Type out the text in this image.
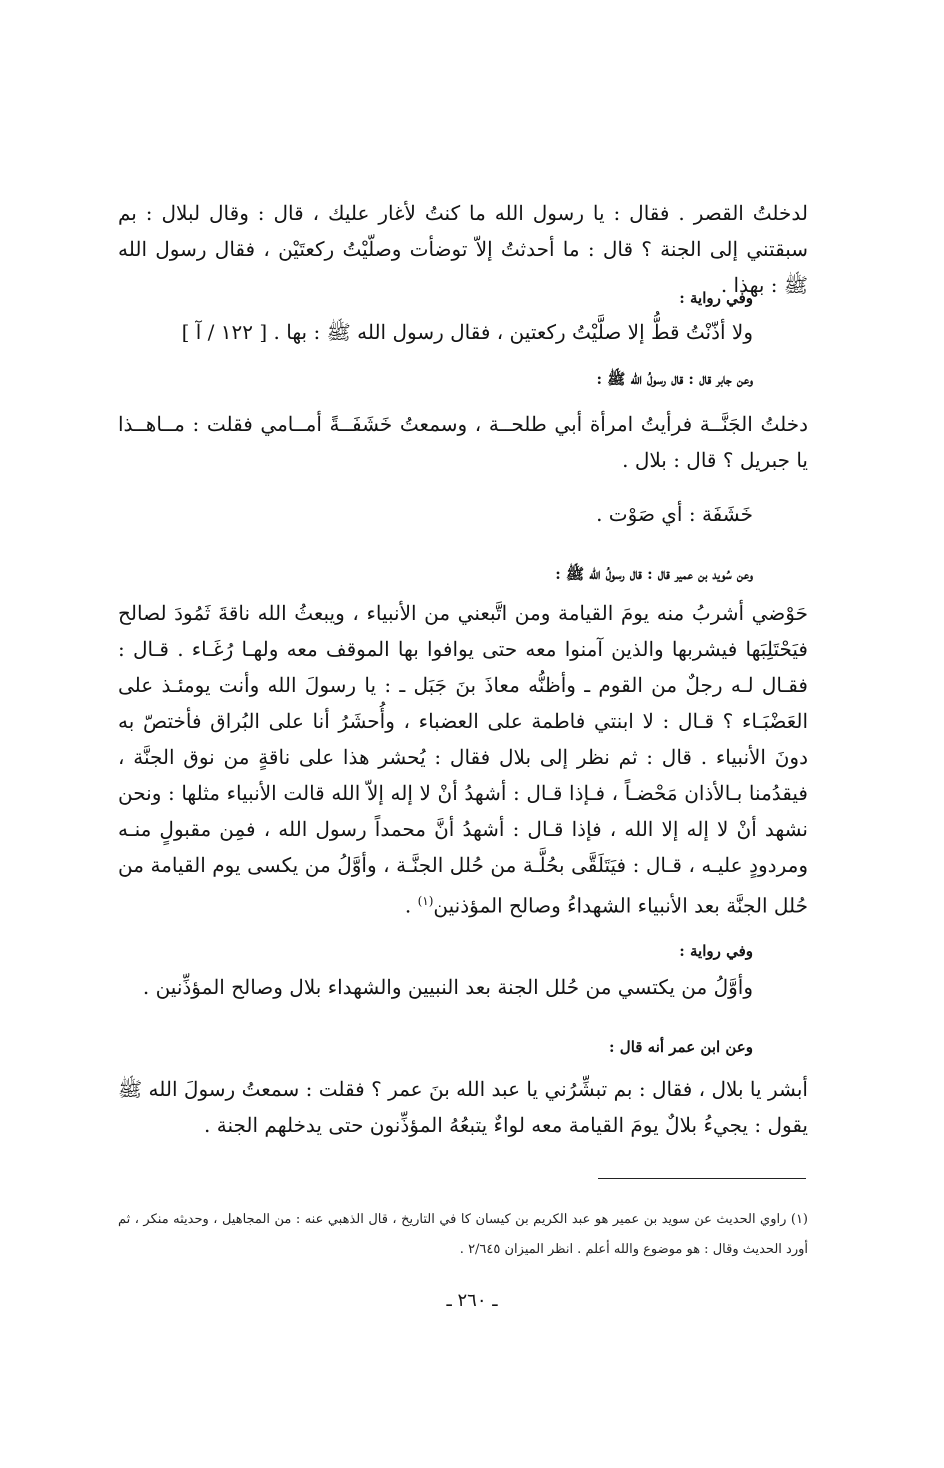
لدخلتُ القصر . فقال : يا رسول الله ما كنتُ لأغار عليك ، قال : وقال لبلال : بم سبقتني إلى الجنة ؟ قال : ما أحدثتُ إلاّ توضأت وصلّيْتُ ركعتَيْن ، فقال رسول الله ﷺ : بهذا .
وفي رواية :
ولا أذّنْتُ قطُّ إلا صلَّيْتُ ركعتين ، فقال رسول الله ﷺ : بها . [ ١٢٢ / آ ]
وعن جابر قال : قال رسولُ الله ﷺ :
دخلتُ الجَنَّــة فرأيتُ امرأة أبي طلحــة ، وسمعتُ خَشَفَــةً أمــامي فقلت : مــاهــذا يا جبريل ؟ قال : بلال .
خَشَفَة : أي صَوْت .
وعن سُويد بن عمير قال : قال رسولُ الله ﷺ :
حَوْضي أشربُ منه يومَ القيامة ومن اتَّبعني من الأنبياء ، ويبعثُ الله ناقةَ ثَمُودَ لصالح فيَحْتَلِبَها فيشربها والذين آمنوا معه حتى يوافوا بها الموقف معه ولهـا رُغَـاء . قـال : فقـال لـه رجلٌ من القوم ـ وأظنُّه معاذَ بنَ جَبَل ـ : يا رسولَ الله وأنت يومئـذ على العَضْبَـاء ؟ قـال : لا ابنتي فاطمة على العضباء ، وأُحشَرُ أنا على البُراق فأختصّ به دونَ الأنبياء . قال : ثم نظر إلى بلال فقال : يُحشر هذا على ناقةٍ من نوق الجنَّة ، فيقدُمنا بـالأذان مَحْضـاً ، فـإذا قـال : أشهدُ أنْ لا إله إلاّ الله قالت الأنبياء مثلها : ونحن نشهد أنْ لا إله إلا الله ، فإذا قـال : أشهدُ أنَّ محمداً رسول الله ، فمِن مقبولٍ منـه ومردودٍ عليـه ، قـال : فيَتَلَقَّى بحُلَّـة من حُلل الجنَّـة ، وأوَّلُ من يكسى يوم القيامة من حُلل الجنَّة بعد الأنبياء الشهداءُ وصالح المؤذنين$^{(١)}$ .
وفي رواية :
وأوَّلُ من يكتسي من حُلل الجنة بعد النبيين والشهداء بلال وصالح المؤذِّنين .
وعن ابن عمر أنه قال :
أبشر يا بلال ، فقال : بم تبشِّرُني يا عبد الله بنَ عمر ؟ فقلت : سمعتُ رسولَ الله ﷺ يقول : يجيءُ بلالٌ يومَ القيامة معه لواءٌ يتبعُهُ المؤذِّنون حتى يدخلهم الجنة .
(١) راوي الحديث عن سويد بن عمير هو عبد الكريم بن كيسان كا في التاريخ ، قال الذهبي عنه : من المجاهيل ، وحديثه منكر ، ثم أورد الحديث وقال : هو موضوع والله أعلم . انظر الميزان ٢/٦٤٥ .
ـ ٢٦٠ ـ
